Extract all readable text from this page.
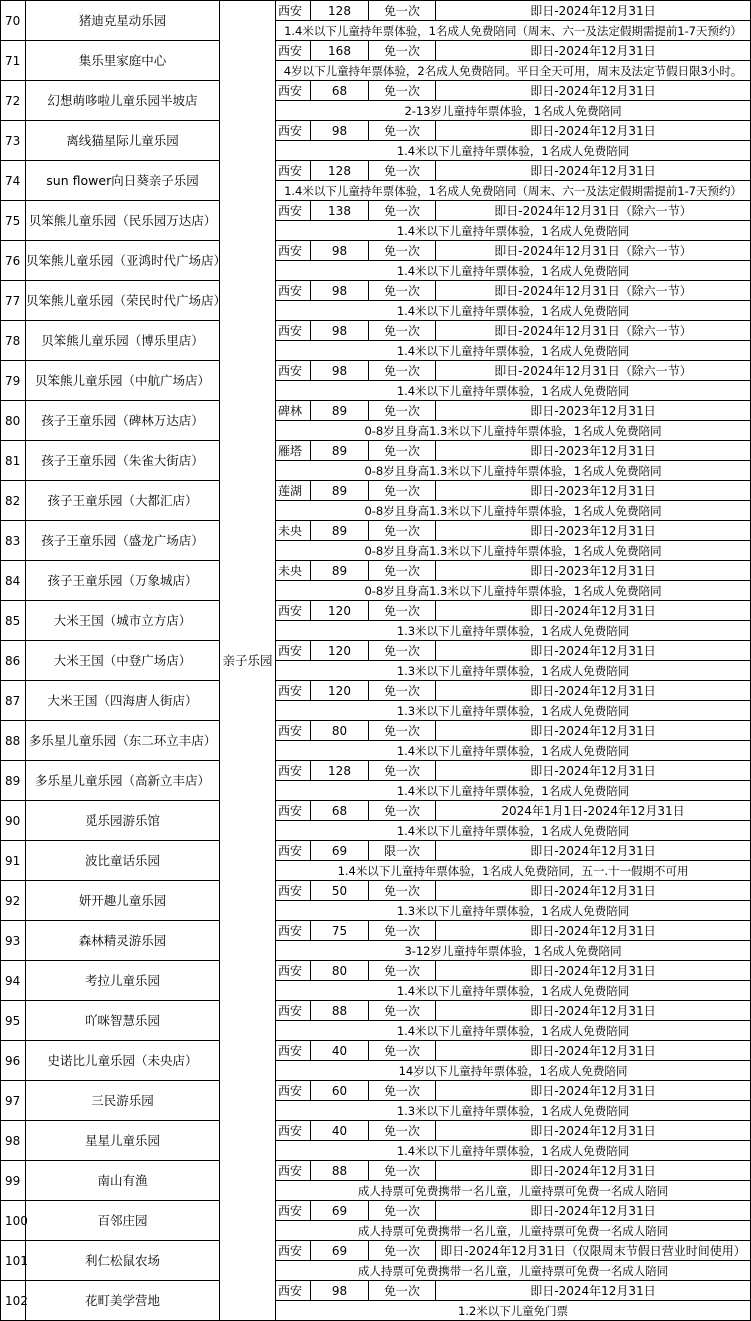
70	猪迪克星动乐园	亲子乐园	西安	128	免一次	即日-2024年12月31日
			1.4米以下儿童持年票体验，1名成人免费陪同（周末、六一及法定假期需提前1-7天预约）			
71	集乐里家庭中心		西安	168	免一次	即日-2024年12月31日
			4岁以下儿童持年票体验，2名成人免费陪同。平日全天可用，周末及法定节假日限3小时。			
72	幻想萌哆啦儿童乐园半坡店		西安	68	免一次	即日-2024年12月31日
			2-13岁儿童持年票体验，1名成人免费陪同			
73	离线猫星际儿童乐园		西安	98	免一次	即日-2024年12月31日
			1.4米以下儿童持年票体验，1名成人免费陪同			
74	sun flower向日葵亲子乐园		西安	128	免一次	即日-2024年12月31日
			1.4米以下儿童持年票体验，1名成人免费陪同（周末、六一及法定假期需提前1-7天预约）			
75	贝笨熊儿童乐园（民乐园万达店）		西安	138	免一次	即日-2024年12月31日（除六一节）
			1.4米以下儿童持年票体验，1名成人免费陪同			
76	贝笨熊儿童乐园（亚鸿时代广场店）		西安	98	免一次	即日-2024年12月31日（除六一节）
			1.4米以下儿童持年票体验，1名成人免费陪同			
77	贝笨熊儿童乐园（荣民时代广场店）		西安	98	免一次	即日-2024年12月31日（除六一节）
			1.4米以下儿童持年票体验，1名成人免费陪同			
78	贝笨熊儿童乐园（博乐里店）		西安	98	免一次	即日-2024年12月31日（除六一节）
			1.4米以下儿童持年票体验，1名成人免费陪同			
79	贝笨熊儿童乐园（中航广场店）		西安	98	免一次	即日-2024年12月31日（除六一节）
			1.4米以下儿童持年票体验，1名成人免费陪同			
80	孩子王童乐园（碑林万达店）		碑林	89	免一次	即日-2023年12月31日
			0-8岁且身高1.3米以下儿童持年票体验，1名成人免费陪同			
81	孩子王童乐园（朱雀大街店）		雁塔	89	免一次	即日-2023年12月31日
			0-8岁且身高1.3米以下儿童持年票体验，1名成人免费陪同			
82	孩子王童乐园（大都汇店）		莲湖	89	免一次	即日-2023年12月31日
			0-8岁且身高1.3米以下儿童持年票体验，1名成人免费陪同			
83	孩子王童乐园（盛龙广场店）		未央	89	免一次	即日-2023年12月31日
			0-8岁且身高1.3米以下儿童持年票体验，1名成人免费陪同			
84	孩子王童乐园（万象城店）		未央	89	免一次	即日-2023年12月31日
			0-8岁且身高1.3米以下儿童持年票体验，1名成人免费陪同			
85	大米王国（城市立方店）		西安	120	免一次	即日-2024年12月31日
			1.3米以下儿童持年票体验，1名成人免费陪同			
86	大米王国（中登广场店）		西安	120	免一次	即日-2024年12月31日
			1.3米以下儿童持年票体验，1名成人免费陪同			
87	大米王国（四海唐人街店）		西安	120	免一次	即日-2024年12月31日
			1.3米以下儿童持年票体验，1名成人免费陪同			
88	多乐星儿童乐园（东二环立丰店）		西安	80	免一次	即日-2024年12月31日
			1.4米以下儿童持年票体验，1名成人免费陪同			
89	多乐星儿童乐园（高新立丰店）		西安	128	免一次	即日-2024年12月31日
			1.4米以下儿童持年票体验，1名成人免费陪同			
90	觅乐园游乐馆		西安	68	免一次	2024年1月1日-2024年12月31日
			1.4米以下儿童持年票体验，1名成人免费陪同			
91	波比童话乐园		西安	69	限一次	即日-2024年12月31日
			1.4米以下儿童持年票体验，1名成人免费陪同，五一.十一假期不可用			
92	妍开趣儿童乐园		西安	50	免一次	即日-2024年12月31日
			1.3米以下儿童持年票体验，1名成人免费陪同			
93	森林精灵游乐园		西安	75	免一次	即日-2024年12月31日
			3-12岁儿童持年票体验，1名成人免费陪同			
94	考拉儿童乐园		西安	80	免一次	即日-2024年12月31日
			1.4米以下儿童持年票体验，1名成人免费陪同			
95	吖咪智慧乐园		西安	88	免一次	即日-2024年12月31日
			1.4米以下儿童持年票体验，1名成人免费陪同			
96	史诺比儿童乐园（未央店）		西安	40	免一次	即日-2024年12月31日
			14岁以下儿童持年票体验，1名成人免费陪同			
97	三民游乐园		西安	60	免一次	即日-2024年12月31日
			1.3米以下儿童持年票体验，1名成人免费陪同			
98	星星儿童乐园		西安	40	免一次	即日-2024年12月31日
			1.4米以下儿童持年票体验，1名成人免费陪同			
99	南山有渔		西安	88	免一次	即日-2024年12月31日
			成人持票可免费携带一名儿童，儿童持票可免费一名成人陪同			
100	百邻庄园		西安	69	免一次	即日-2024年12月31日
			成人持票可免费携带一名儿童，儿童持票可免费一名成人陪同			
101	利仁松鼠农场		西安	69	免一次	即日-2024年12月31日（仅限周末节假日营业时间使用）
			成人持票可免费携带一名儿童，儿童持票可免费一名成人陪同			
102	花町美学营地		西安	98	免一次	即日-2024年12月31日
			1.2米以下儿童免门票			
